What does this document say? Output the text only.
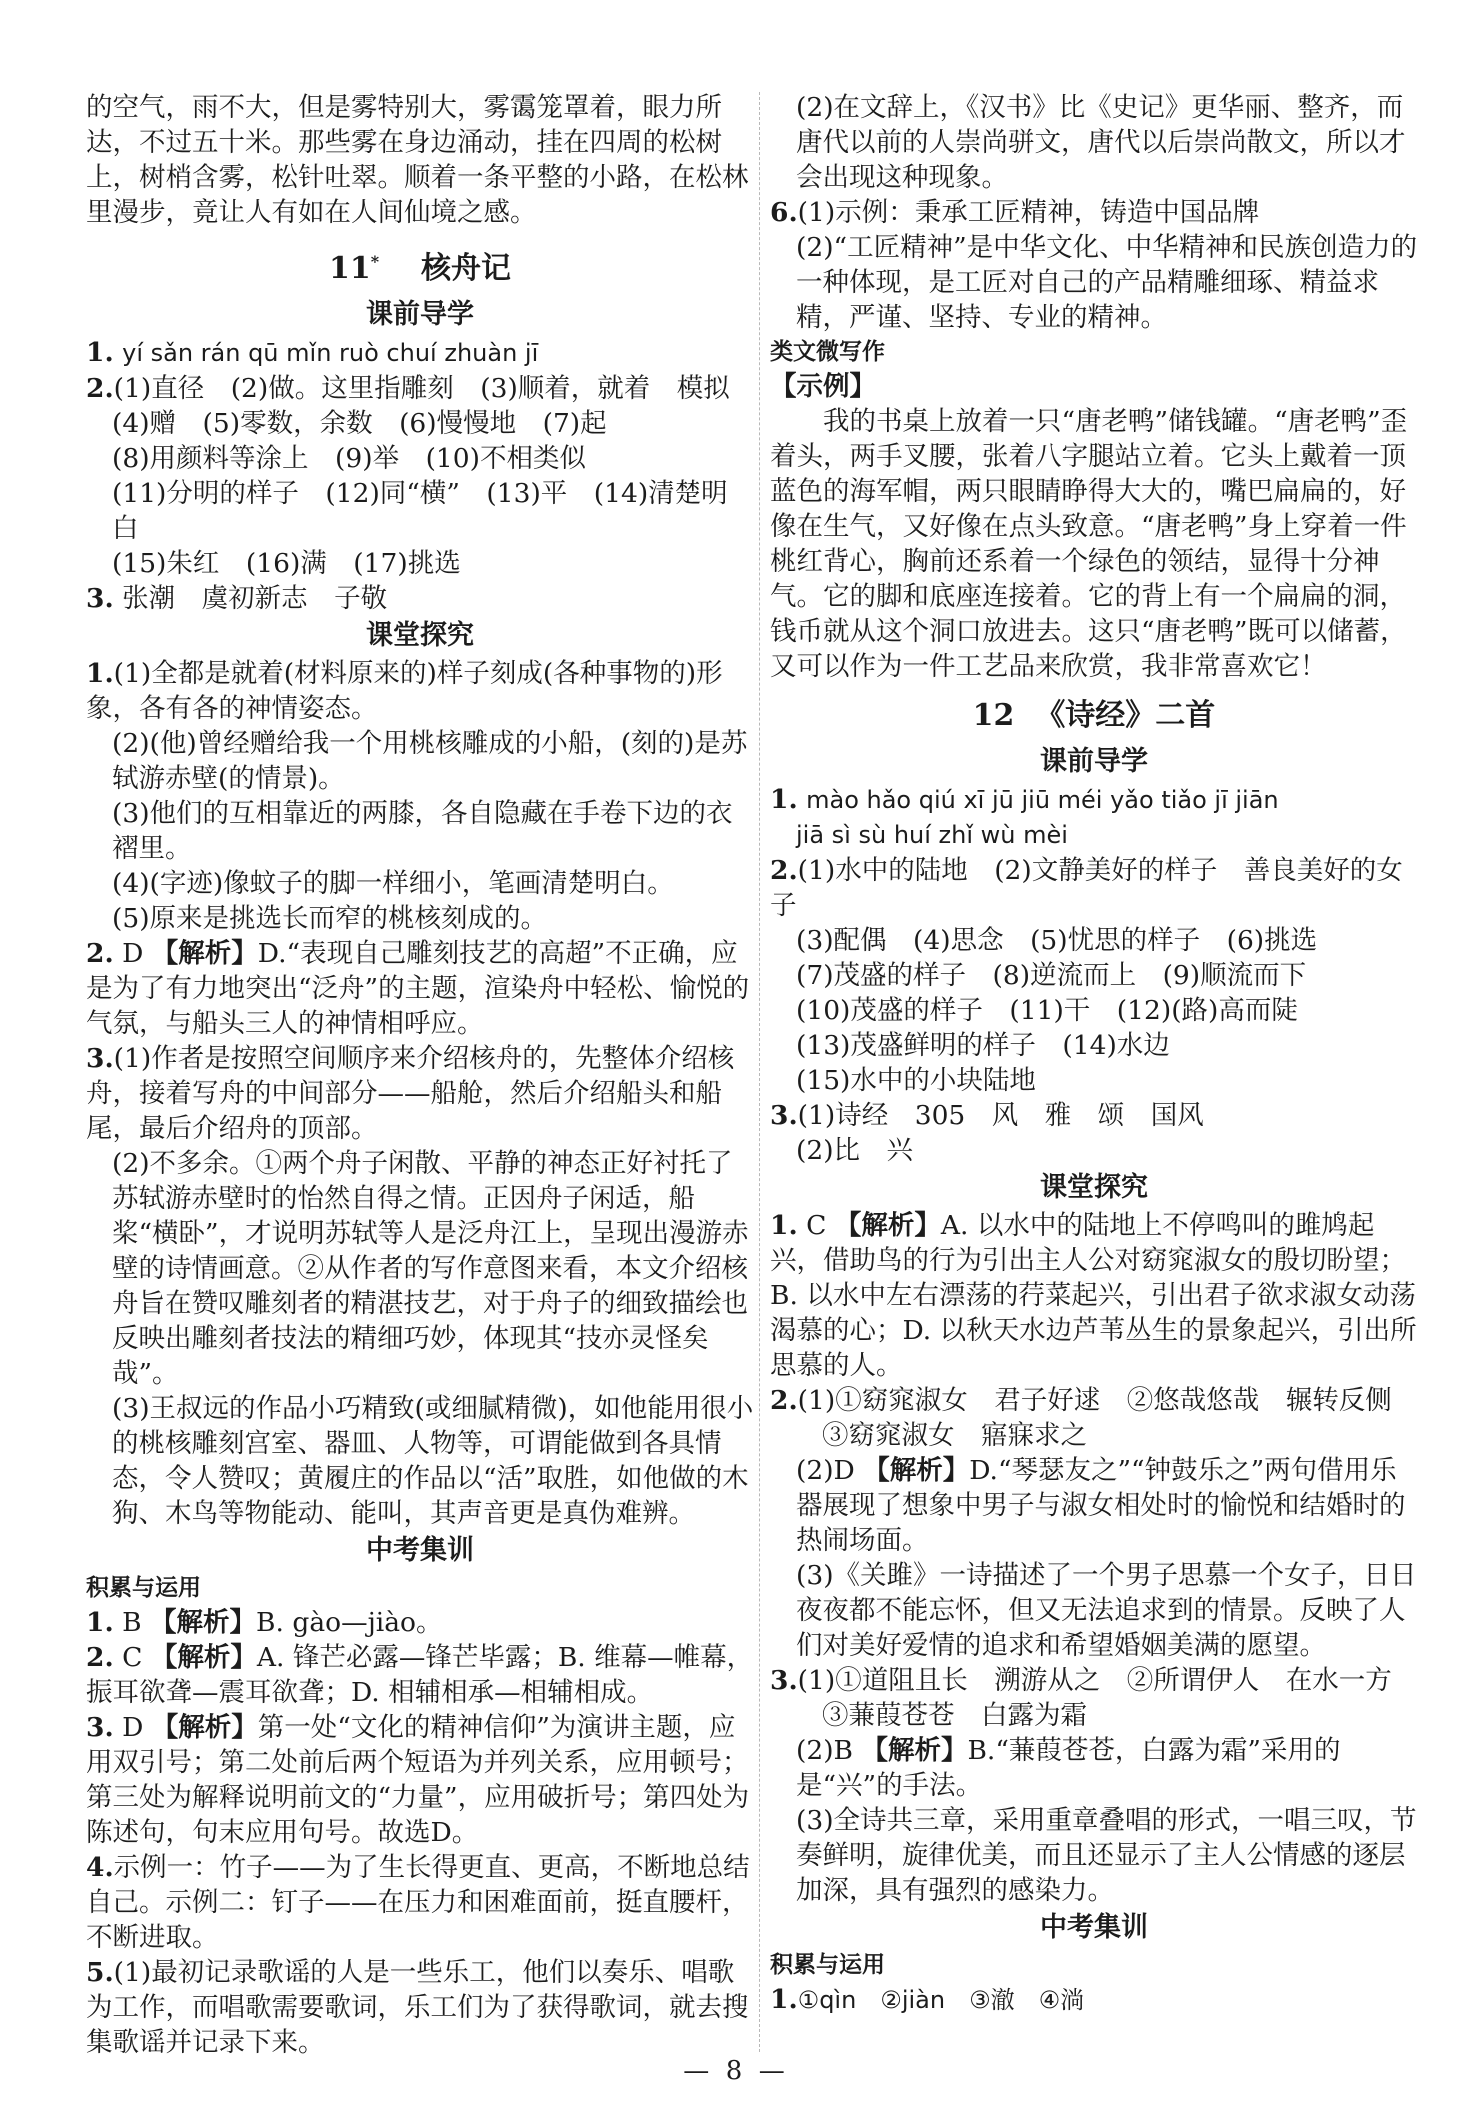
的空气，雨不大，但是雾特别大，雾霭笼罩着，眼力所达，不过五十米。那些雾在身边涌动，挂在四周的松树上，树梢含雾，松针吐翠。顺着一条平整的小路，在松林里漫步，竟让人有如在人间仙境之感。

11* 核舟记
课前导学

1. yí sǎn rán qū mǐn ruò chuí zhuàn jī

2.(1)直径　(2)做。这里指雕刻　(3)顺着，就着　模拟

(4)赠　(5)零数，余数　(6)慢慢地　(7)起

(8)用颜料等涂上　(9)举　(10)不相类似

(11)分明的样子　(12)同“横”　(13)平　(14)清楚明白

(15)朱红　(16)满　(17)挑选

3. 张潮　虞初新志　子敬

课堂探究

1.(1)全都是就着(材料原来的)样子刻成(各种事物的)形象，各有各的神情姿态。

(2)(他)曾经赠给我一个用桃核雕成的小船，(刻的)是苏轼游赤壁(的情景)。

(3)他们的互相靠近的两膝，各自隐藏在手卷下边的衣褶里。

(4)(字迹)像蚊子的脚一样细小，笔画清楚明白。

(5)原来是挑选长而窄的桃核刻成的。

2. D 【解析】D.“表现自己雕刻技艺的高超”不正确，应是为了有力地突出“泛舟”的主题，渲染舟中轻松、愉悦的气氛，与船头三人的神情相呼应。

3.(1)作者是按照空间顺序来介绍核舟的，先整体介绍核舟，接着写舟的中间部分——船舱，然后介绍船头和船尾，最后介绍舟的顶部。

(2)不多余。①两个舟子闲散、平静的神态正好衬托了苏轼游赤壁时的怡然自得之情。正因舟子闲适，船桨“横卧”，才说明苏轼等人是泛舟江上，呈现出漫游赤壁的诗情画意。②从作者的写作意图来看，本文介绍核舟旨在赞叹雕刻者的精湛技艺，对于舟子的细致描绘也反映出雕刻者技法的精细巧妙，体现其“技亦灵怪矣哉”。

(3)王叔远的作品小巧精致(或细腻精微)，如他能用很小的桃核雕刻宫室、器皿、人物等，可谓能做到各具情态，令人赞叹；黄履庄的作品以“活”取胜，如他做的木狗、木鸟等物能动、能叫，其声音更是真伪难辨。

中考集训
积累与运用

1. B 【解析】B. gào—jiào。

2. C 【解析】A. 锋芒必露—锋芒毕露；B. 维幕—帷幕，振耳欲聋—震耳欲聋；D. 相辅相承—相辅相成。

3. D 【解析】第一处“文化的精神信仰”为演讲主题，应用双引号；第二处前后两个短语为并列关系，应用顿号；第三处为解释说明前文的“力量”，应用破折号；第四处为陈述句，句末应用句号。故选D。

4.示例一：竹子——为了生长得更直、更高，不断地总结自己。示例二：钉子——在压力和困难面前，挺直腰杆，不断进取。

5.(1)最初记录歌谣的人是一些乐工，他们以奏乐、唱歌为工作，而唱歌需要歌词，乐工们为了获得歌词，就去搜集歌谣并记录下来。

(2)在文辞上，《汉书》比《史记》更华丽、整齐，而唐代以前的人崇尚骈文，唐代以后崇尚散文，所以才会出现这种现象。

6.(1)示例：秉承工匠精神，铸造中国品牌

(2)“工匠精神”是中华文化、中华精神和民族创造力的一种体现，是工匠对自己的产品精雕细琢、精益求精，严谨、坚持、专业的精神。

类文微写作
【示例】

我的书桌上放着一只“唐老鸭”储钱罐。“唐老鸭”歪着头，两手叉腰，张着八字腿站立着。它头上戴着一顶蓝色的海军帽，两只眼睛睁得大大的，嘴巴扁扁的，好像在生气，又好像在点头致意。“唐老鸭”身上穿着一件桃红背心，胸前还系着一个绿色的领结，显得十分神气。它的脚和底座连接着。它的背上有一个扁扁的洞，钱币就从这个洞口放进去。这只“唐老鸭”既可以储蓄，又可以作为一件工艺品来欣赏，我非常喜欢它！

12 《诗经》二首
课前导学

1. mào hǎo qiú xī jū jiū méi yǎo tiǎo jī jiān

jiā sì sù huí zhǐ wù mèi

2.(1)水中的陆地　(2)文静美好的样子　善良美好的女子

(3)配偶　(4)思念　(5)忧思的样子　(6)挑选

(7)茂盛的样子　(8)逆流而上　(9)顺流而下

(10)茂盛的样子　(11)干　(12)(路)高而陡

(13)茂盛鲜明的样子　(14)水边

(15)水中的小块陆地

3.(1)诗经　305　风　雅　颂　国风

(2)比　兴

课堂探究

1. C 【解析】A. 以水中的陆地上不停鸣叫的雎鸠起兴，借助鸟的行为引出主人公对窈窕淑女的殷切盼望；B. 以水中左右漂荡的荇菜起兴，引出君子欲求淑女动荡渴慕的心；D. 以秋天水边芦苇丛生的景象起兴，引出所思慕的人。

2.(1)①窈窕淑女　君子好逑　②悠哉悠哉　辗转反侧

③窈窕淑女　寤寐求之

(2)D 【解析】D.“琴瑟友之”“钟鼓乐之”两句借用乐器展现了想象中男子与淑女相处时的愉悦和结婚时的热闹场面。

(3)《关雎》一诗描述了一个男子思慕一个女子，日日夜夜都不能忘怀，但又无法追求到的情景。反映了人们对美好爱情的追求和希望婚姻美满的愿望。

3.(1)①道阻且长　溯游从之　②所谓伊人　在水一方

③蒹葭苍苍　白露为霜

(2)B 【解析】B.“蒹葭苍苍，白露为霜”采用的是“兴”的手法。

(3)全诗共三章，采用重章叠唱的形式，一唱三叹，节奏鲜明，旋律优美，而且还显示了主人公情感的逐层加深，具有强烈的感染力。

中考集训
积累与运用

1.①qìn　②jiàn　③澈　④淌

—  8  —
